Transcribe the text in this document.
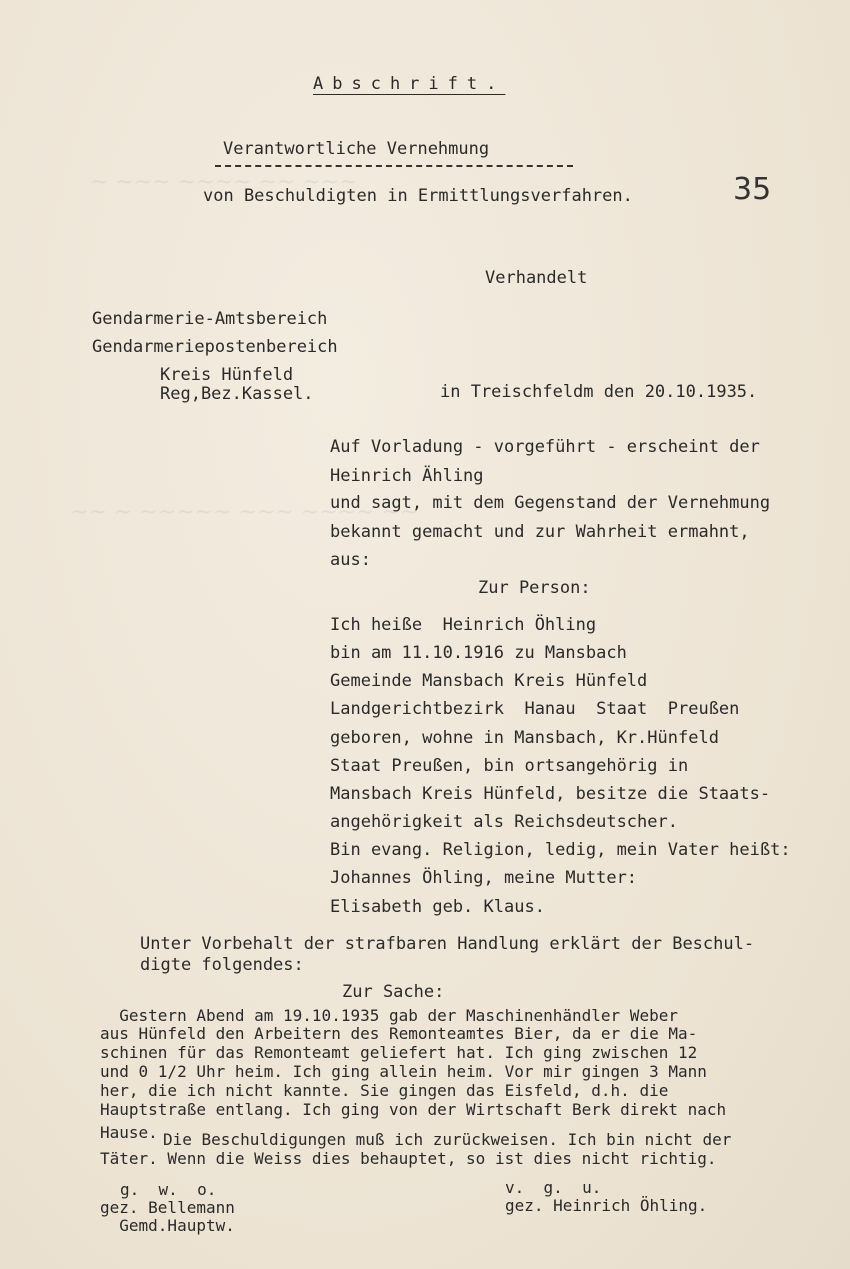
~ ~~~ ~~~~ ~~ ~~~
~~ ~ ~~~~~ ~~~ ~~~~ ~~
Abschrift.
Verantwortliche Vernehmung
von Beschuldigten in Ermittlungsverfahren.	35
Verhandelt
Gendarmerie-Amtsbereich
Gendarmeriepostenbereich
Kreis Hünfeld
Reg,Bez.Kassel.	in Treischfeldm den 20.10.1935.
Auf Vorladung - vorgeführt - erscheint der
Heinrich Ähling
und sagt, mit dem Gegenstand der Vernehmung
bekannt gemacht und zur Wahrheit ermahnt,
aus:
Zur Person:
Ich heiße  Heinrich Öhling
bin am 11.10.1916 zu Mansbach
Gemeinde Mansbach Kreis Hünfeld
Landgerichtbezirk  Hanau  Staat  Preußen
geboren, wohne in Mansbach, Kr.Hünfeld
Staat Preußen, bin ortsangehörig in
Mansbach Kreis Hünfeld, besitze die Staats-
angehörigkeit als Reichsdeutscher.
Bin evang. Religion, ledig, mein Vater heißt:
Johannes Öhling, meine Mutter:
Elisabeth geb. Klaus.
Unter Vorbehalt der strafbaren Handlung erklärt der Beschul-
digte folgendes:
Zur Sache:
Gestern Abend am 19.10.1935 gab der Maschinenhändler Weber
aus Hünfeld den Arbeitern des Remonteamtes Bier, da er die Ma-
schinen für das Remonteamt geliefert hat. Ich ging zwischen 12
und 0 1/2 Uhr heim. Ich ging allein heim. Vor mir gingen 3 Mann
her, die ich nicht kannte. Sie gingen das Eisfeld, d.h. die
Hauptstraße entlang. Ich ging von der Wirtschaft Berk direkt nach
Hause. Die Beschuldigungen muß ich zurückweisen. Ich bin nicht der
Täter. Wenn die Weiss dies behauptet, so ist dies nicht richtig.
g.  w.  o.
gez. Bellemann
Gemd.Hauptw.
v.  g.  u.
gez. Heinrich Öhling.
